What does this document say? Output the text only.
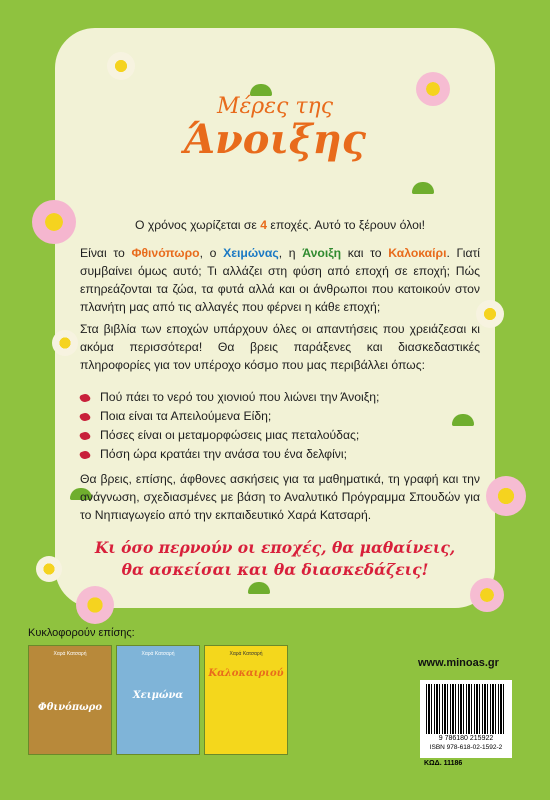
Μέρες της
Άνοιξης
Ο χρόνος χωρίζεται σε 4 εποχές. Αυτό το ξέρουν όλοι!
Είναι το Φθινόπωρο, ο Χειμώνας, η Άνοιξη και το Καλοκαίρι. Γιατί συμβαίνει όμως αυτό; Τι αλλάζει στη φύση από εποχή σε εποχή; Πώς επηρεάζονται τα ζώα, τα φυτά αλλά και οι άνθρωποι που κατοικούν στον πλανήτη μας από τις αλλαγές που φέρνει η κάθε εποχή;
Στα βιβλία των εποχών υπάρχουν όλες οι απαντήσεις που χρειάζεσαι κι ακόμα περισσότερα! Θα βρεις παράξενες και διασκεδαστικές πληροφορίες για τον υπέροχο κόσμο που μας περιβάλλει όπως:
Πού πάει το νερό του χιονιού που λιώνει την Άνοιξη;
Ποια είναι τα Απειλούμενα Είδη;
Πόσες είναι οι μεταμορφώσεις μιας πεταλούδας;
Πόση ώρα κρατάει την ανάσα του ένα δελφίνι;
Θα βρεις, επίσης, άφθονες ασκήσεις για τα μαθηματικά, τη γραφή και την ανάγνωση, σχεδιασμένες με βάση το Αναλυτικό Πρόγραμμα Σπουδών για το Νηπιαγωγείο από την εκπαιδευτικό Χαρά Κατσαρή.
Κι όσο περνούν οι εποχές, θα μαθαίνεις,
θα ασκείσαι και θα διασκεδάζεις!
Κυκλοφορούν επίσης:
Χαρά Κατσαρή
Φθινόπωρο
Χαρά Κατσαρή
Χειμώνα
Χαρά Κατσαρή
Καλοκαιριού
www.minoas.gr
9 786180 215922
ISBN 978-618-02-1592-2
ΚΩΔ. 11186
